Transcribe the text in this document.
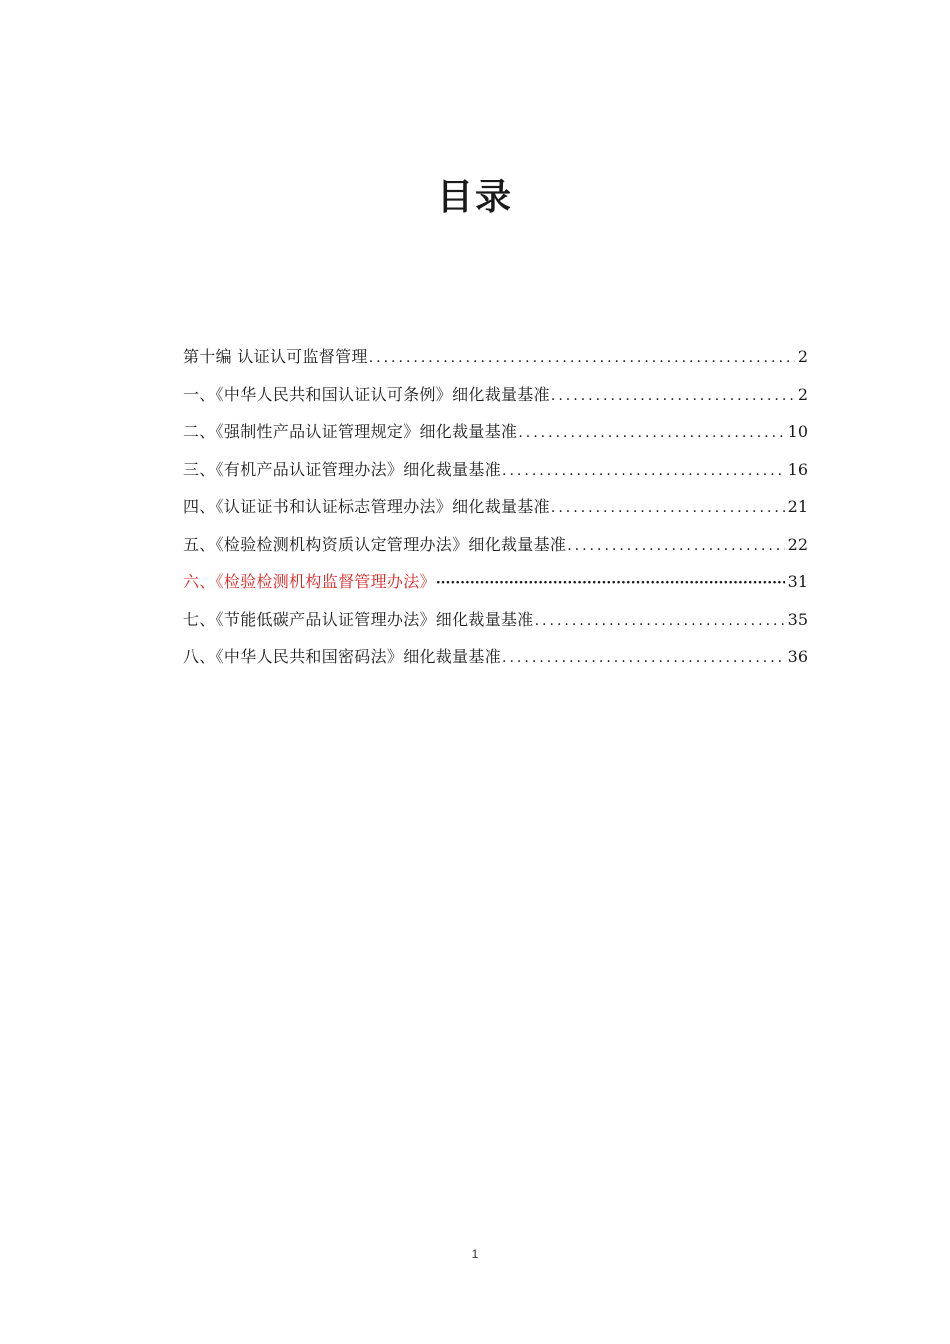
目录
第十编 认证认可监督管理 .....	2
一、《中华人民共和国认证认可条例》细化裁量基准 .....	2
二、《强制性产品认证管理规定》细化裁量基准 .....	10
三、《有机产品认证管理办法》细化裁量基准 .....	16
四、《认证证书和认证标志管理办法》细化裁量基准 .....	21
五、《检验检测机构资质认定管理办法》细化裁量基准 .....	22
六、《检验检测机构监督管理办法》 ·····	31
七、《节能低碳产品认证管理办法》细化裁量基准 .....	35
八、《中华人民共和国密码法》细化裁量基准 .....	36
1
